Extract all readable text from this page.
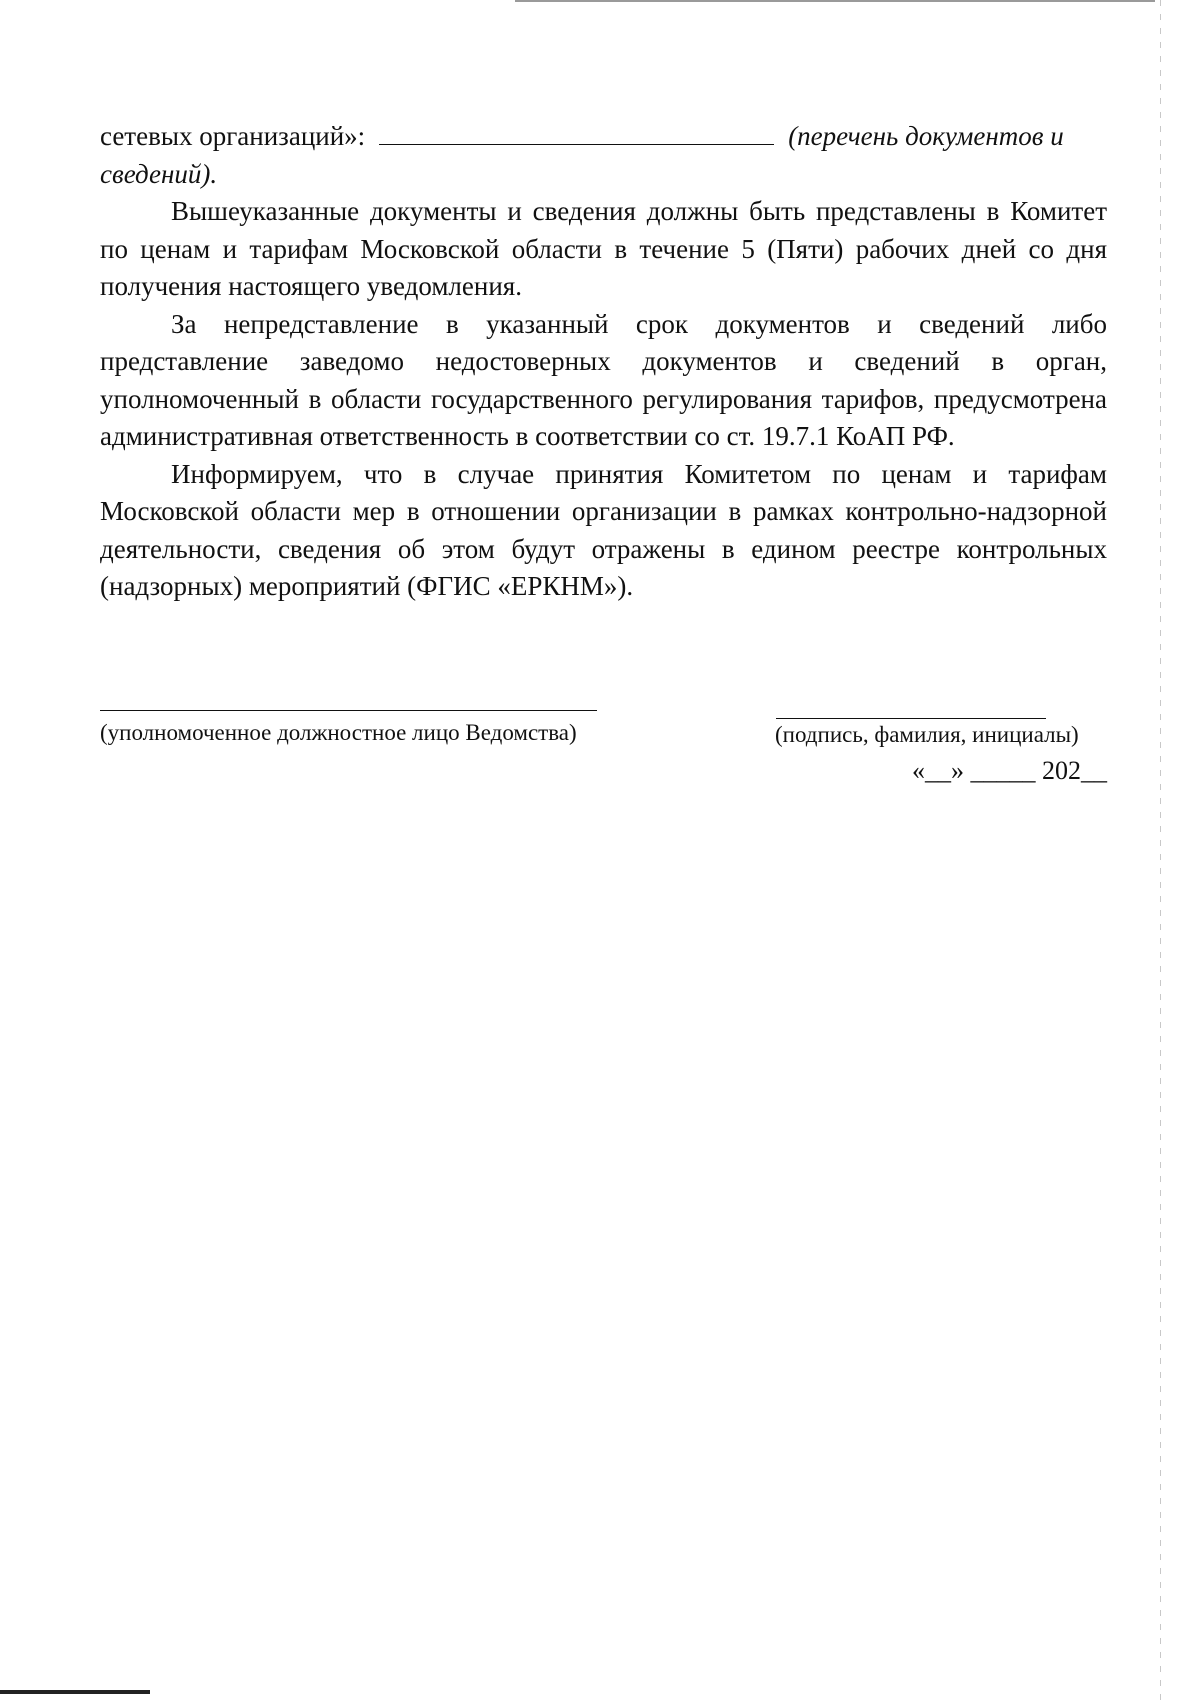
сетевых организаций»:	(перечень документов и
сведений).

Вышеуказанные документы и сведения должны быть представлены в Комитет по ценам и тарифам Московской области в течение 5 (Пяти) рабочих дней со дня получения настоящего уведомления.

За непредставление в указанный срок документов и сведений либо представление заведомо недостоверных документов и сведений в орган, уполномоченный в области государственного регулирования тарифов, предусмотрена административная ответственность в соответствии со ст. 19.7.1 КоАП РФ.

Информируем, что в случае принятия Комитетом по ценам и тарифам Московской области мер в отношении организации в рамках контрольно-надзорной деятельности, сведения об этом будут отражены в едином реестре контрольных (надзорных) мероприятий (ФГИС «ЕРКНМ»).

(уполномоченное должностное лицо Ведомства)	(подпись, фамилия, инициалы)
«__» _____ 202__
